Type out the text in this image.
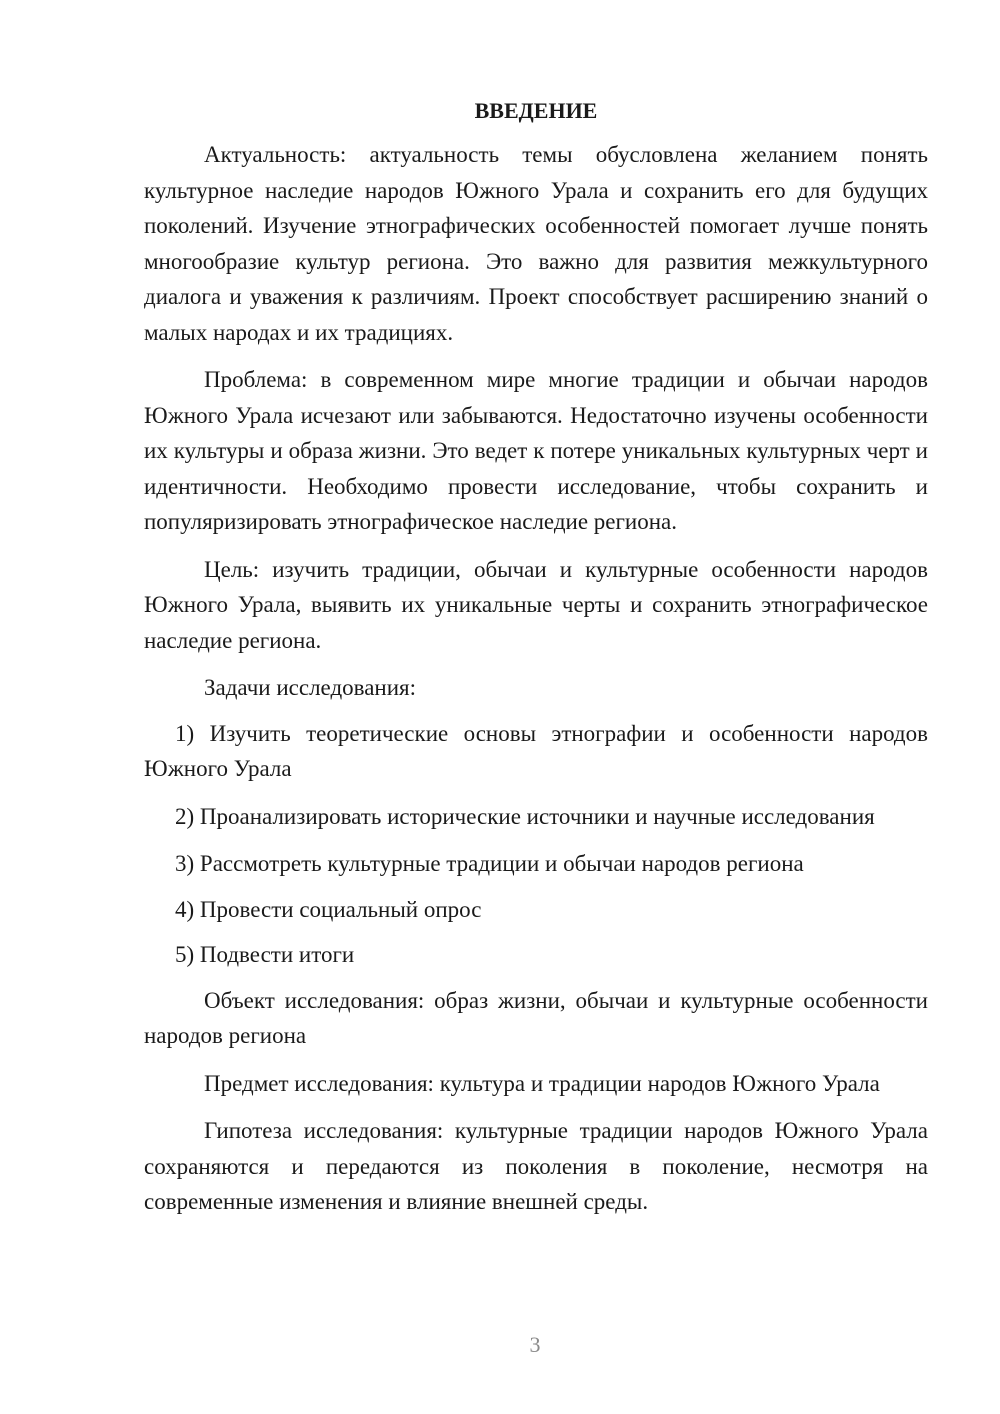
ВВЕДЕНИЕ

Актуальность: актуальность темы обусловлена желанием понять культурное наследие народов Южного Урала и сохранить его для будущих поколений. Изучение этнографических особенностей помогает лучше понять многообразие культур региона. Это важно для развития межкультурного диалога и уважения к различиям. Проект способствует расширению знаний о малых народах и их традициях.

Проблема: в современном мире многие традиции и обычаи народов Южного Урала исчезают или забываются. Недостаточно изучены особенности их культуры и образа жизни. Это ведет к потере уникальных культурных черт и идентичности. Необходимо провести исследование, чтобы сохранить и популяризировать этнографическое наследие региона.

Цель: изучить традиции, обычаи и культурные особенности народов Южного Урала, выявить их уникальные черты и сохранить этнографическое наследие региона.

Задачи исследования:

1) Изучить теоретические основы этнографии и особенности народов Южного Урала

2) Проанализировать исторические источники и научные исследования

3) Рассмотреть культурные традиции и обычаи народов региона

4) Провести социальный опрос

5) Подвести итоги

Объект исследования: образ жизни, обычаи и культурные особенности народов региона

Предмет исследования: культура и традиции народов Южного Урала

Гипотеза исследования: культурные традиции народов Южного Урала сохраняются и передаются из поколения в поколение, несмотря на современные изменения и влияние внешней среды.

3
